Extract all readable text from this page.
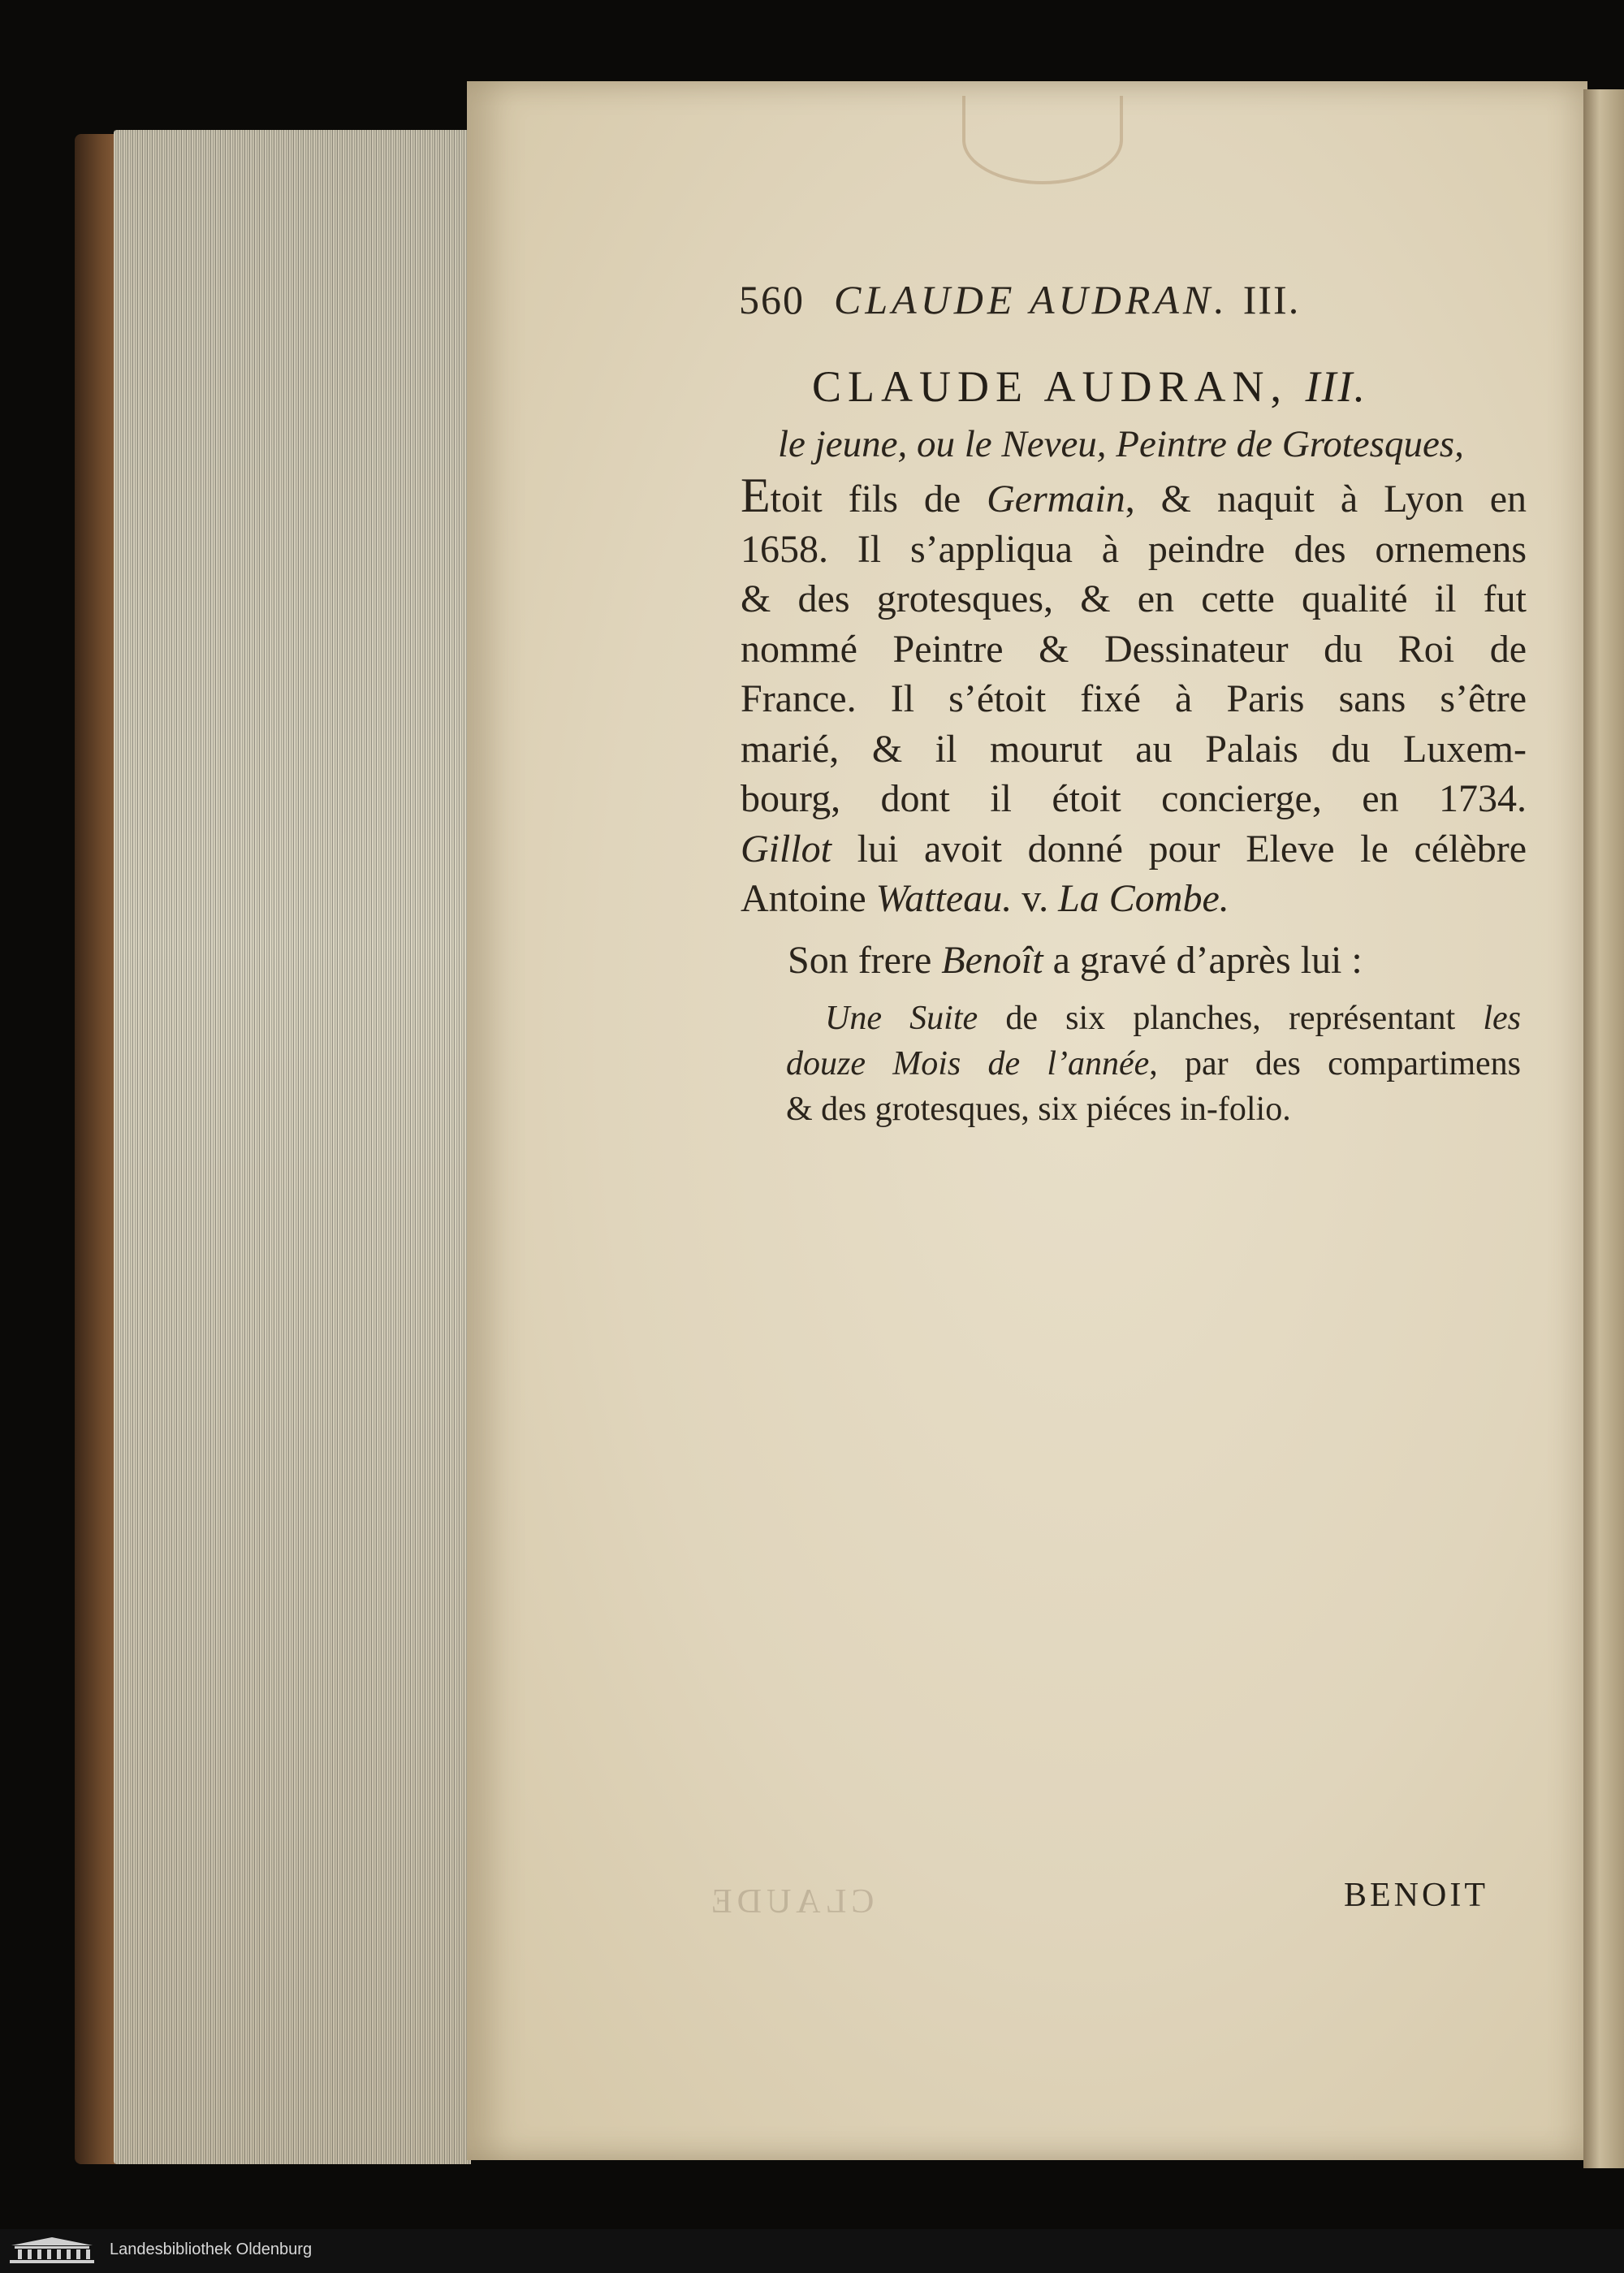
560 CLAUDE AUDRAN. III.
CLAUDE AUDRAN, III.
le jeune, ou le Neveu, Peintre de Grotesques,
Etoit fils de Germain, & naquit à Lyon en
1658. Il s’appliqua à peindre des ornemens
& des grotesques, & en cette qualité il fut
nommé Peintre & Dessinateur du Roi de
France. Il s’étoit fixé à Paris sans s’être
marié, & il mourut au Palais du Luxem-
bourg, dont il étoit concierge, en 1734.
Gillot lui avoit donné pour Eleve le célèbre
Antoine Watteau. v. La Combe.
Son frere Benoît a gravé d’après lui :
Une Suite de six planches, représentant les
douze Mois de l’année, par des compartimens
& des grotesques, six piéces in-folio.
CLAUDE	BENOIT
Landesbibliothek Oldenburg
